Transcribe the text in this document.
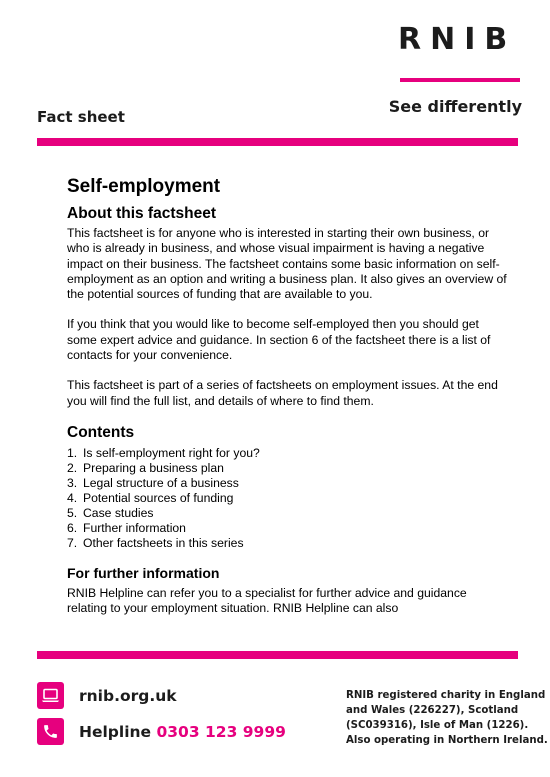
RNIB
See differently
Fact sheet
Self-employment
About this factsheet

This factsheet is for anyone who is interested in starting their own business, or who is already in business, and whose visual impairment is having a negative impact on their business. The factsheet contains some basic information on self-employment as an option and writing a business plan. It also gives an overview of the potential sources of funding that are available to you.

If you think that you would like to become self-employed then you should get some expert advice and guidance. In section 6 of the factsheet there is a list of contacts for your convenience.

This factsheet is part of a series of factsheets on employment issues. At the end you will find the full list, and details of where to find them.

Contents
1. Is self-employment right for you?
2. Preparing a business plan
3. Legal structure of a business
4. Potential sources of funding
5. Case studies
6. Further information
7. Other factsheets in this series
For further information

RNIB Helpline can refer you to a specialist for further advice and guidance relating to your employment situation. RNIB Helpline can also

rnib.org.uk
Helpline 0303 123 9999
RNIB registered charity in England
and Wales (226227), Scotland
(SC039316), Isle of Man (1226).
Also operating in Northern Ireland.
